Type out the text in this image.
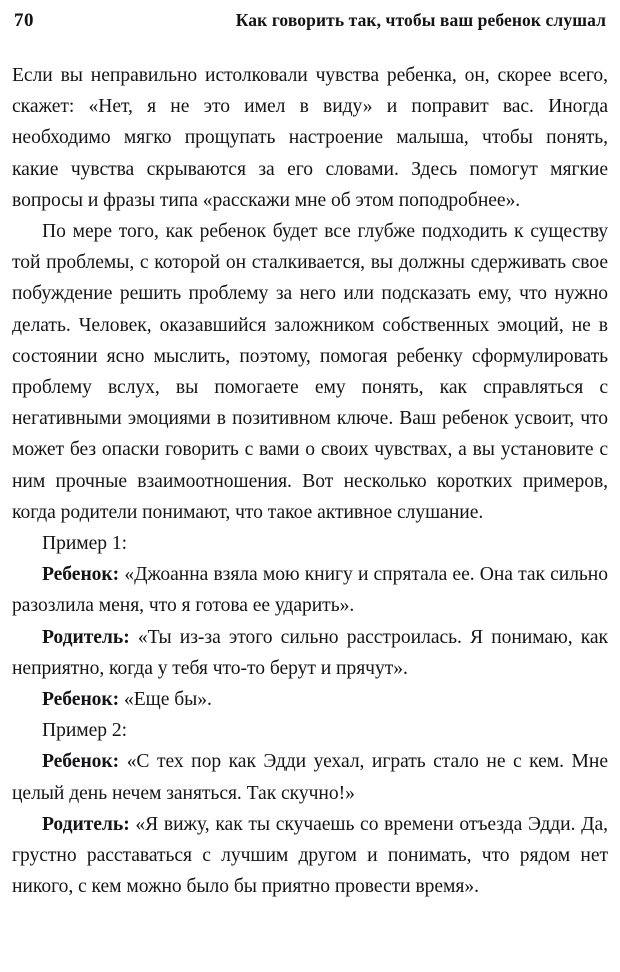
70	Как говорить так, чтобы ваш ребенок слушал

Если вы неправильно истолковали чувства ребенка, он, скорее всего, скажет: «Нет, я не это имел в виду» и поправит вас. Иногда необходимо мягко прощупать настроение малыша, чтобы понять, какие чувства скрываются за его словами. Здесь помогут мягкие вопросы и фразы типа «расскажи мне об этом поподробнее».

По мере того, как ребенок будет все глубже подходить к существу той проблемы, с которой он сталкивается, вы должны сдерживать свое побуждение решить проблему за него или подсказать ему, что нужно делать. Человек, оказавшийся заложником собственных эмоций, не в состоянии ясно мыслить, поэтому, помогая ребенку сформулировать проблему вслух, вы помогаете ему понять, как справляться с негативными эмоциями в позитивном ключе. Ваш ребенок усвоит, что может без опаски говорить с вами о своих чувствах, а вы установите с ним прочные взаимоотношения. Вот несколько коротких примеров, когда родители понимают, что такое активное слушание.

Пример 1:

Ребенок: «Джоанна взяла мою книгу и спрятала ее. Она так сильно разозлила меня, что я готова ее ударить».

Родитель: «Ты из-за этого сильно расстроилась. Я понимаю, как неприятно, когда у тебя что-то берут и прячут».

Ребенок: «Еще бы».

Пример 2:

Ребенок: «С тех пор как Эдди уехал, играть стало не с кем. Мне целый день нечем заняться. Так скучно!»

Родитель: «Я вижу, как ты скучаешь со времени отъезда Эдди. Да, грустно расставаться с лучшим другом и понимать, что рядом нет никого, с кем можно было бы приятно провести время».
